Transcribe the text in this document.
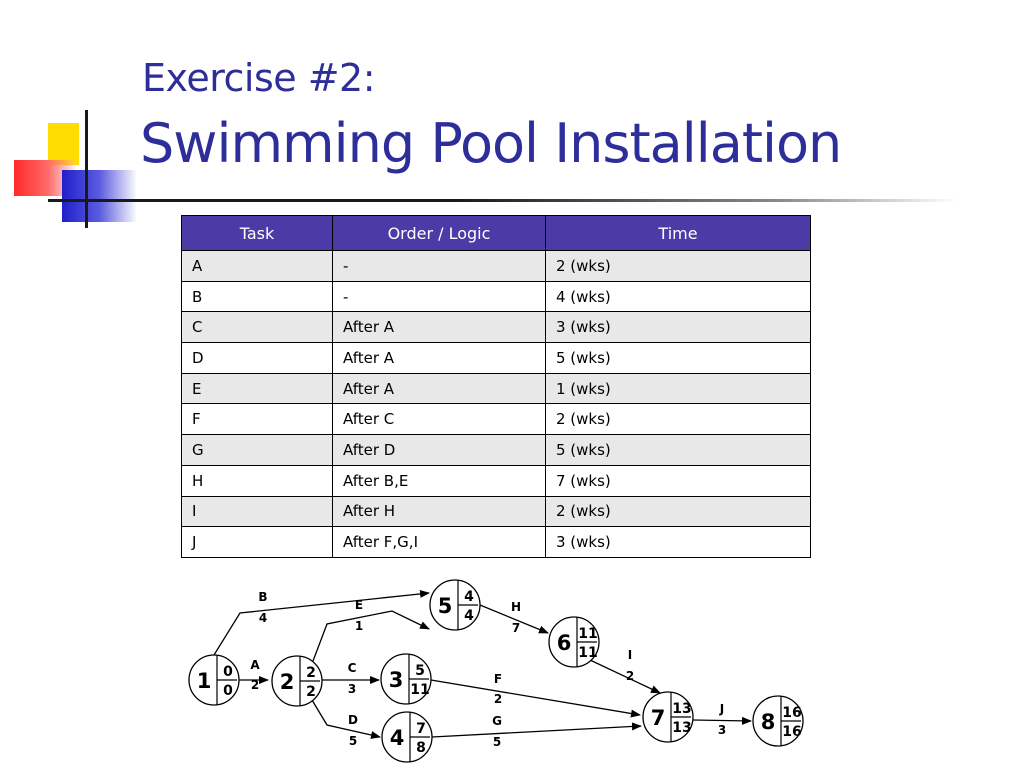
Exercise #2:
Swimming Pool Installation
Task	Order / Logic	Time
A	-	2 (wks)
B	-	4 (wks)
C	After A	3 (wks)
D	After A	5 (wks)
E	After A	1 (wks)
F	After C	2 (wks)
G	After D	5 (wks)
H	After B,E	7 (wks)
I	After H	2 (wks)
J	After F,G,I	3 (wks)
1 0
0 2 2
2	3 5
11
4 7
8
5 4
4
6 11
11
7 13
13	8 16
16
A
2
B
4
C
3
D
5
E
1
F
2
G
5
H
7
I
2
J
3
